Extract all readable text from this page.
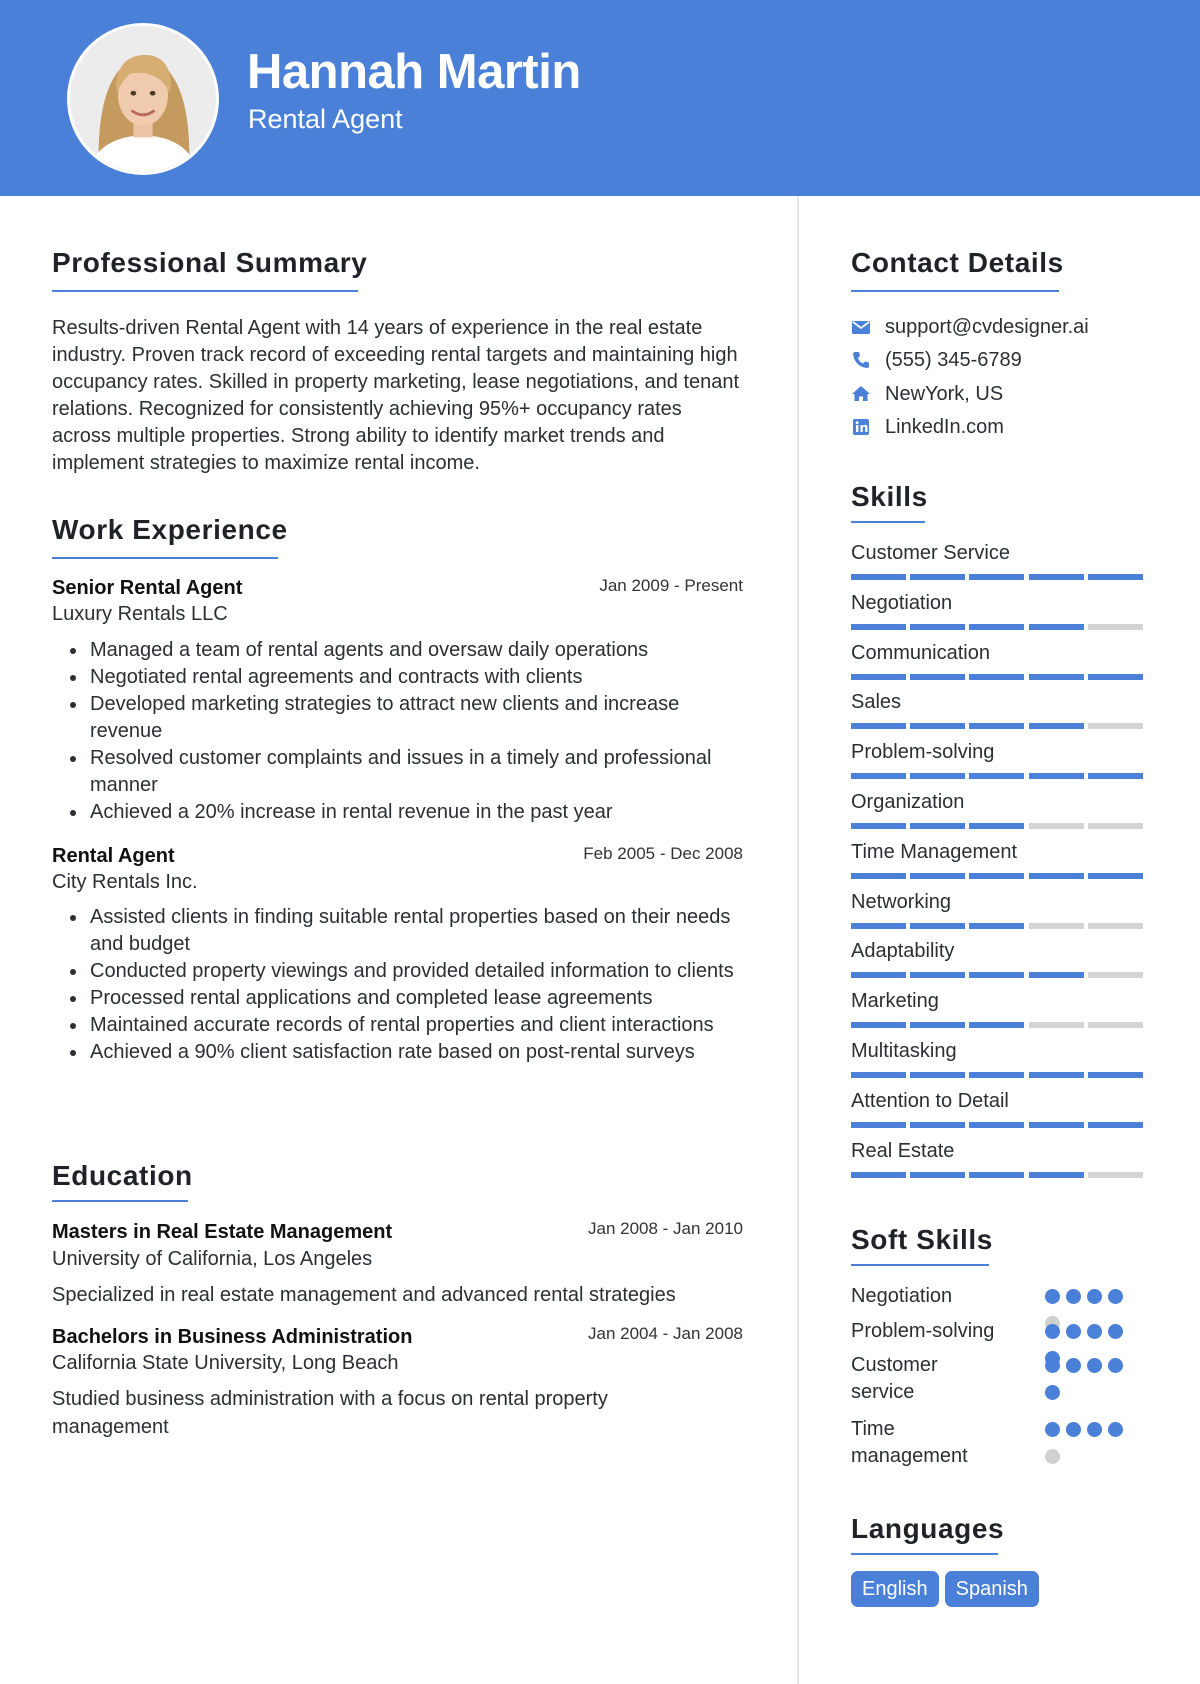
Hannah Martin
Rental Agent
Professional Summary
Results-driven Rental Agent with 14 years of experience in the real estate industry. Proven track record of exceeding rental targets and maintaining high occupancy rates. Skilled in property marketing, lease negotiations, and tenant relations. Recognized for consistently achieving 95%+ occupancy rates across multiple properties. Strong ability to identify market trends and implement strategies to maximize rental income.
Work Experience
Senior Rental Agent	Jan 2009 - Present
Luxury Rentals LLC
Managed a team of rental agents and oversaw daily operations
Negotiated rental agreements and contracts with clients
Developed marketing strategies to attract new clients and increase revenue
Resolved customer complaints and issues in a timely and professional manner
Achieved a 20% increase in rental revenue in the past year
Rental Agent	Feb 2005 - Dec 2008
City Rentals Inc.
Assisted clients in finding suitable rental properties based on their needs and budget
Conducted property viewings and provided detailed information to clients
Processed rental applications and completed lease agreements
Maintained accurate records of rental properties and client interactions
Achieved a 90% client satisfaction rate based on post-rental surveys
Education
Masters in Real Estate Management	Jan 2008 - Jan 2010
University of California, Los Angeles
Specialized in real estate management and advanced rental strategies
Bachelors in Business Administration	Jan 2004 - Jan 2008
California State University, Long Beach
Studied business administration with a focus on rental property management
Contact Details
support@cvdesigner.ai
(555) 345-6789
NewYork, US
LinkedIn.com
Skills
Customer Service
Negotiation
Communication
Sales
Problem-solving
Organization
Time Management
Networking
Adaptability
Marketing
Multitasking
Attention to Detail
Real Estate
Soft Skills
Negotiation
Problem-solving
Customer service
Time management
Languages
English	Spanish
